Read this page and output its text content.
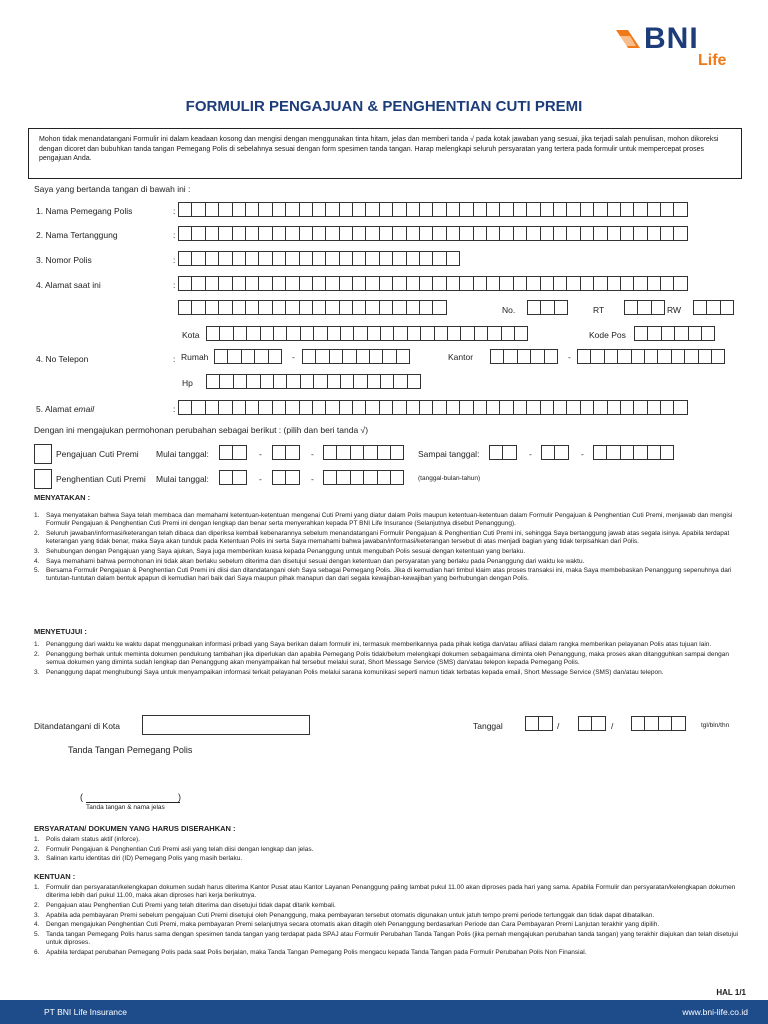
BNI
Life
FORMULIR PENGAJUAN & PENGHENTIAN CUTI PREMI
Mohon tidak menandatangani Formulir ini dalam keadaan kosong dan mengisi dengan menggunakan tinta hitam, jelas dan memberi tanda √ pada kotak jawaban yang sesuai, jika terjadi salah penulisan, mohon dikoreksi dengan dicoret dan bubuhkan tanda tangan Pemegang Polis di sebelahnya sesuai dengan form spesimen tanda tangan. Harap melengkapi seluruh persyaratan yang tertera pada formulir untuk mempercepat proses pengajuan Anda.
Saya yang bertanda tangan di bawah ini :
1. Nama Pemegang Polis	:
2. Nama Tertanggung	:
3. Nomor Polis	:
4. Alamat saat ini	:
No.	RT	RW
Kota	Kode Pos
4. No Telepon	: Rumah	-	Kantor	-
Hp
5. Alamat email	:
Dengan ini mengajukan permohonan perubahan sebagai berikut : (pilih dan beri tanda √)
Pengajuan Cuti Premi Mulai tanggal:	-	-	Sampai tanggal:	-	-
Penghentian Cuti Premi Mulai tanggal:	-	-	(tanggal-bulan-tahun)
MENYATAKAN :
1.	Saya menyatakan bahwa Saya telah membaca dan memahami ketentuan-ketentuan mengenai Cuti Premi yang diatur dalam Polis maupun ketentuan-ketentuan dalam Formulir Pengajuan & Penghentian Cuti Premi, menjawab dan mengisi Formulir Pengajuan & Penghentian Cuti Premi ini dengan lengkap dan benar serta menyerahkan kepada PT BNI Life Insurance (Selanjutnya disebut Penanggung).
2.	Seluruh jawaban/informasi/keterangan telah dibaca dan diperiksa kembali kebenarannya sebelum menandatangani Formulir Pengajuan & Penghentian Cuti Premi ini, sehingga Saya bertanggung jawab atas segala isinya. Apabila terdapat keterangan yang tidak benar, maka Saya akan tunduk pada Ketentuan Polis ini serta Saya memahami bahwa jawaban/informasi/keterangan tersebut di atas menjadi bagian yang tidak terpisahkan dari Polis.
3.	Sehubungan dengan Pengajuan yang Saya ajukan, Saya juga memberikan kuasa kepada Penanggung untuk mengubah Polis sesuai dengan ketentuan yang berlaku.
4.	Saya memahami bahwa permohonan ini tidak akan berlaku sebelum diterima dan disetujui sesuai dengan ketentuan dan persyaratan yang berlaku pada Penanggung dari waktu ke waktu.
5.	Bersama Formulir Pengajuan & Penghentian Cuti Premi ini diisi dan ditandatangani oleh Saya sebagai Pemegang Polis. Jika di kemudian hari timbul klaim atas proses transaksi ini, maka Saya membebaskan Penanggung sepenuhnya dari tuntutan-tuntutan dalam bentuk apapun di kemudian hari baik dari Saya maupun pihak manapun dan dari segala kewajiban-kewajiban yang berhubungan dengan Polis.
MENYETUJUI :
1.	Penanggung dari waktu ke waktu dapat menggunakan informasi pribadi yang Saya berikan dalam formulir ini, termasuk memberikannya pada pihak ketiga dan/atau afiliasi dalam rangka memberikan pelayanan Polis atas tujuan lain.
2.	Penanggung berhak untuk meminta dokumen pendukung tambahan jika diperlukan dan apabila Pemegang Polis tidak/belum melengkapi dokumen sebagaimana diminta oleh Penanggung, maka proses akan ditangguhkan sampai dengan semua dokumen yang diminta sudah lengkap dan Penanggung akan menyampaikan hal tersebut melalui surat, Short Message Service (SMS) dan/atau telepon kepada Pemegang Polis.
3.	Penanggung dapat menghubungi Saya untuk menyampaikan informasi terkait pelayanan Polis melalui sarana komunikasi seperti namun tidak terbatas kepada email, Short Message Service (SMS) dan/atau telepon.
Ditandatangani di Kota	Tanggal	/	/	tgl/bln/thn
Tanda Tangan Pemegang Polis
(	)
Tanda tangan & nama jelas
ERSYARATAN/ DOKUMEN YANG HARUS DISERAHKAN :
1.	Polis dalam status aktif (inforce).
2.	Formulir Pengajuan & Penghentian Cuti Premi asli yang telah diisi dengan lengkap dan jelas.
3.	Salinan kartu identitas diri (ID) Pemegang Polis yang masih berlaku.
KENTUAN :
1.	Formulir dan persyaratan/kelengkapan dokumen sudah harus diterima Kantor Pusat atau Kantor Layanan Penanggung paling lambat pukul 11.00 akan diproses pada hari yang sama. Apabila Formulir dan persyaratan/kelengkapan dokumen diterima lebih dari pukul 11.00, maka akan diproses hari kerja berikutnya.
2.	Pengajuan atau Penghentian Cuti Premi yang telah diterima dan disetujui tidak dapat ditarik kembali.
3.	Apabila ada pembayaran Premi sebelum pengajuan Cuti Premi disetujui oleh Penanggung, maka pembayaran tersebut otomatis digunakan untuk jatuh tempo premi periode tertunggak dan tidak dapat dibatalkan.
4.	Dengan mengajukan Penghentian Cuti Premi, maka pembayaran Premi selanjutnya secara otomatis akan ditagih oleh Penanggung berdasarkan Periode dan Cara Pembayaran Premi Lanjutan terakhir yang dipilih.
5.	Tanda tangan Pemegang Polis harus sama dengan spesimen tanda tangan yang terdapat pada SPAJ atau Formulir Perubahan Tanda Tangan Polis (jika pernah mengajukan perubahan tanda tangan) yang terakhir diajukan dan telah disetujui untuk diproses.
6.	Apabila terdapat perubahan Pemegang Polis pada saat Polis berjalan, maka Tanda Tangan Pemegang Polis mengacu kepada Tanda Tangan pada Formulir Perubahan Polis Non Finansial.
HAL 1/1
PT BNI Life Insurance	www.bni-life.co.id
